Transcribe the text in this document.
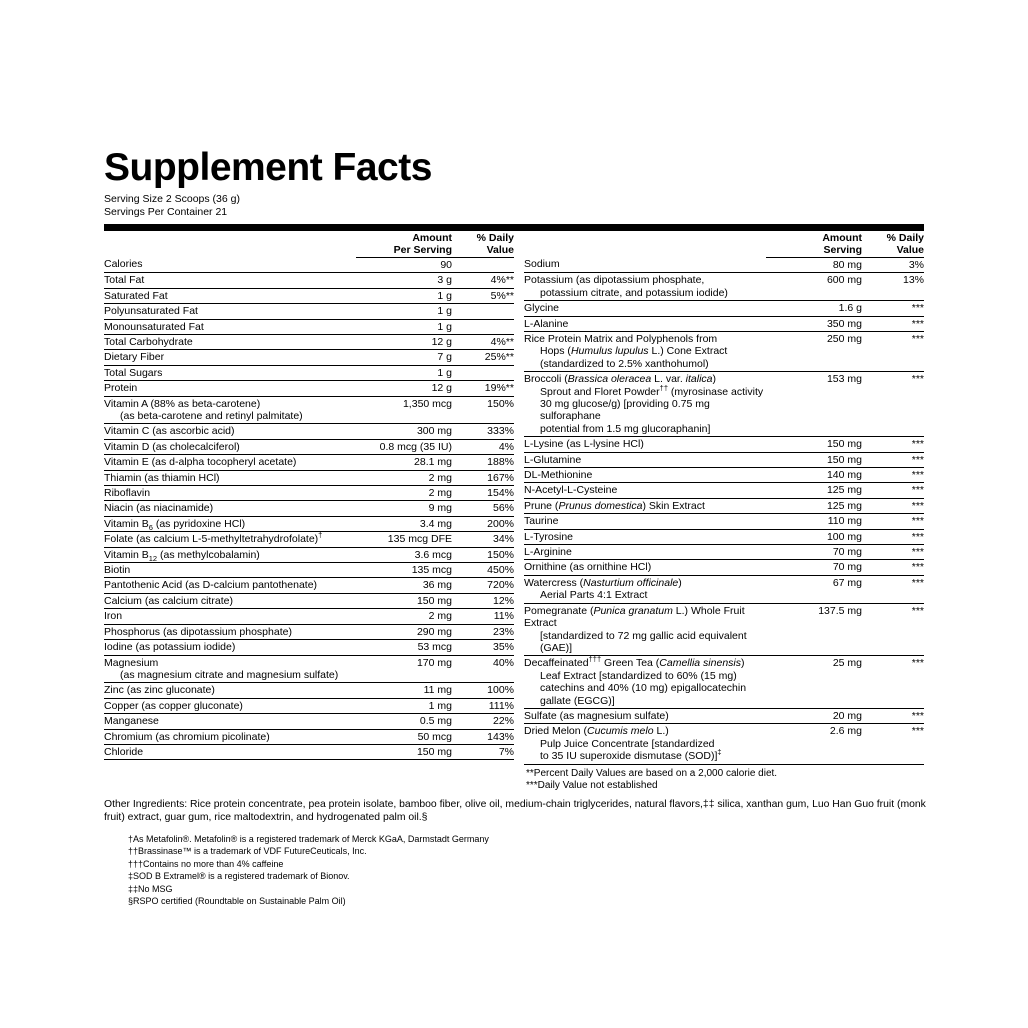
Supplement Facts
Serving Size 2 Scoops (36 g)
Servings Per Container 21
	Amount
Per Serving	% Daily
Value
Calories	90	
Total Fat	3 g	4%**
Saturated Fat	1 g	5%**
Polyunsaturated Fat	1 g	
Monounsaturated Fat	1 g	
Total Carbohydrate	12 g	4%**
Dietary Fiber	7 g	25%**
Total Sugars	1 g	
Protein	12 g	19%**
Vitamin A (88% as beta-carotene)
(as beta-carotene and retinyl palmitate)	1,350 mcg	150%
Vitamin C (as ascorbic acid)	300 mg	333%
Vitamin D (as cholecalciferol)	0.8 mcg (35 IU)	4%
Vitamin E (as d-alpha tocopheryl acetate)	28.1 mg	188%
Thiamin (as thiamin HCl)	2 mg	167%
Riboflavin	2 mg	154%
Niacin (as niacinamide)	9 mg	56%
Vitamin $B_6$ (as pyridoxine HCl)	3.4 mg	200%
Folate (as calcium L-5-methyltetrahydrofolate)†	135 mcg DFE	34%
Vitamin $B_{12}$ (as methylcobalamin)	3.6 mcg	150%
Biotin	135 mcg	450%
Pantothenic Acid (as D-calcium pantothenate)	36 mg	720%
Calcium (as calcium citrate)	150 mg	12%
Iron	2 mg	11%
Phosphorus (as dipotassium phosphate)	290 mg	23%
Iodine (as potassium iodide)	53 mcg	35%
Magnesium
(as magnesium citrate and magnesium sulfate)	170 mg	40%
Zinc (as zinc gluconate)	11 mg	100%
Copper (as copper gluconate)	1 mg	111%
Manganese	0.5 mg	22%
Chromium (as chromium picolinate)	50 mcg	143%
Chloride	150 mg	7%
	Amount
Serving	% Daily
Value
Sodium	80 mg	3%
Potassium (as dipotassium phosphate,
potassium citrate, and potassium iodide)	600 mg	13%
Glycine	1.6 g	***
L-Alanine	350 mg	***
Rice Protein Matrix and Polyphenols from
Hops (Humulus lupulus L.) Cone Extract
(standardized to 2.5% xanthohumol)	250 mg	***
Broccoli (Brassica oleracea L. var. italica)
Sprout and Floret Powder†† (myrosinase activity
30 mg glucose/g) [providing 0.75 mg sulforaphane
potential from 1.5 mg glucoraphanin]	153 mg	***
L-Lysine (as L-lysine HCl)	150 mg	***
L-Glutamine	150 mg	***
DL-Methionine	140 mg	***
N-Acetyl-L-Cysteine	125 mg	***
Prune (Prunus domestica) Skin Extract	125 mg	***
Taurine	110 mg	***
L-Tyrosine	100 mg	***
L-Arginine	70 mg	***
Ornithine (as ornithine HCl)	70 mg	***
Watercress (Nasturtium officinale)
Aerial Parts 4:1 Extract	67 mg	***
Pomegranate (Punica granatum L.) Whole Fruit Extract
[standardized to 72 mg gallic acid equivalent (GAE)]	137.5 mg	***
Decaffeinated††† Green Tea (Camellia sinensis)
Leaf Extract [standardized to 60% (15 mg)
catechins and 40% (10 mg) epigallocatechin gallate (EGCG)]	25 mg	***
Sulfate (as magnesium sulfate)	20 mg	***
Dried Melon (Cucumis melo L.)
Pulp Juice Concentrate [standardized
to 35 IU superoxide dismutase (SOD)]‡	2.6 mg	***
**Percent Daily Values are based on a 2,000 calorie diet.
***Daily Value not established
Other Ingredients: Rice protein concentrate, pea protein isolate, bamboo fiber, olive oil, medium-chain triglycerides, natural flavors,‡‡ silica, xanthan gum, Luo Han Guo fruit (monk fruit) extract, guar gum, rice maltodextrin, and hydrogenated palm oil.§
†As Metafolin®. Metafolin® is a registered trademark of Merck KGaA, Darmstadt Germany
††Brassinase™ is a trademark of VDF FutureCeuticals, Inc.
†††Contains no more than 4% caffeine
‡SOD B Extramel® is a registered trademark of Bionov.
‡‡No MSG
§RSPO certified (Roundtable on Sustainable Palm Oil)
